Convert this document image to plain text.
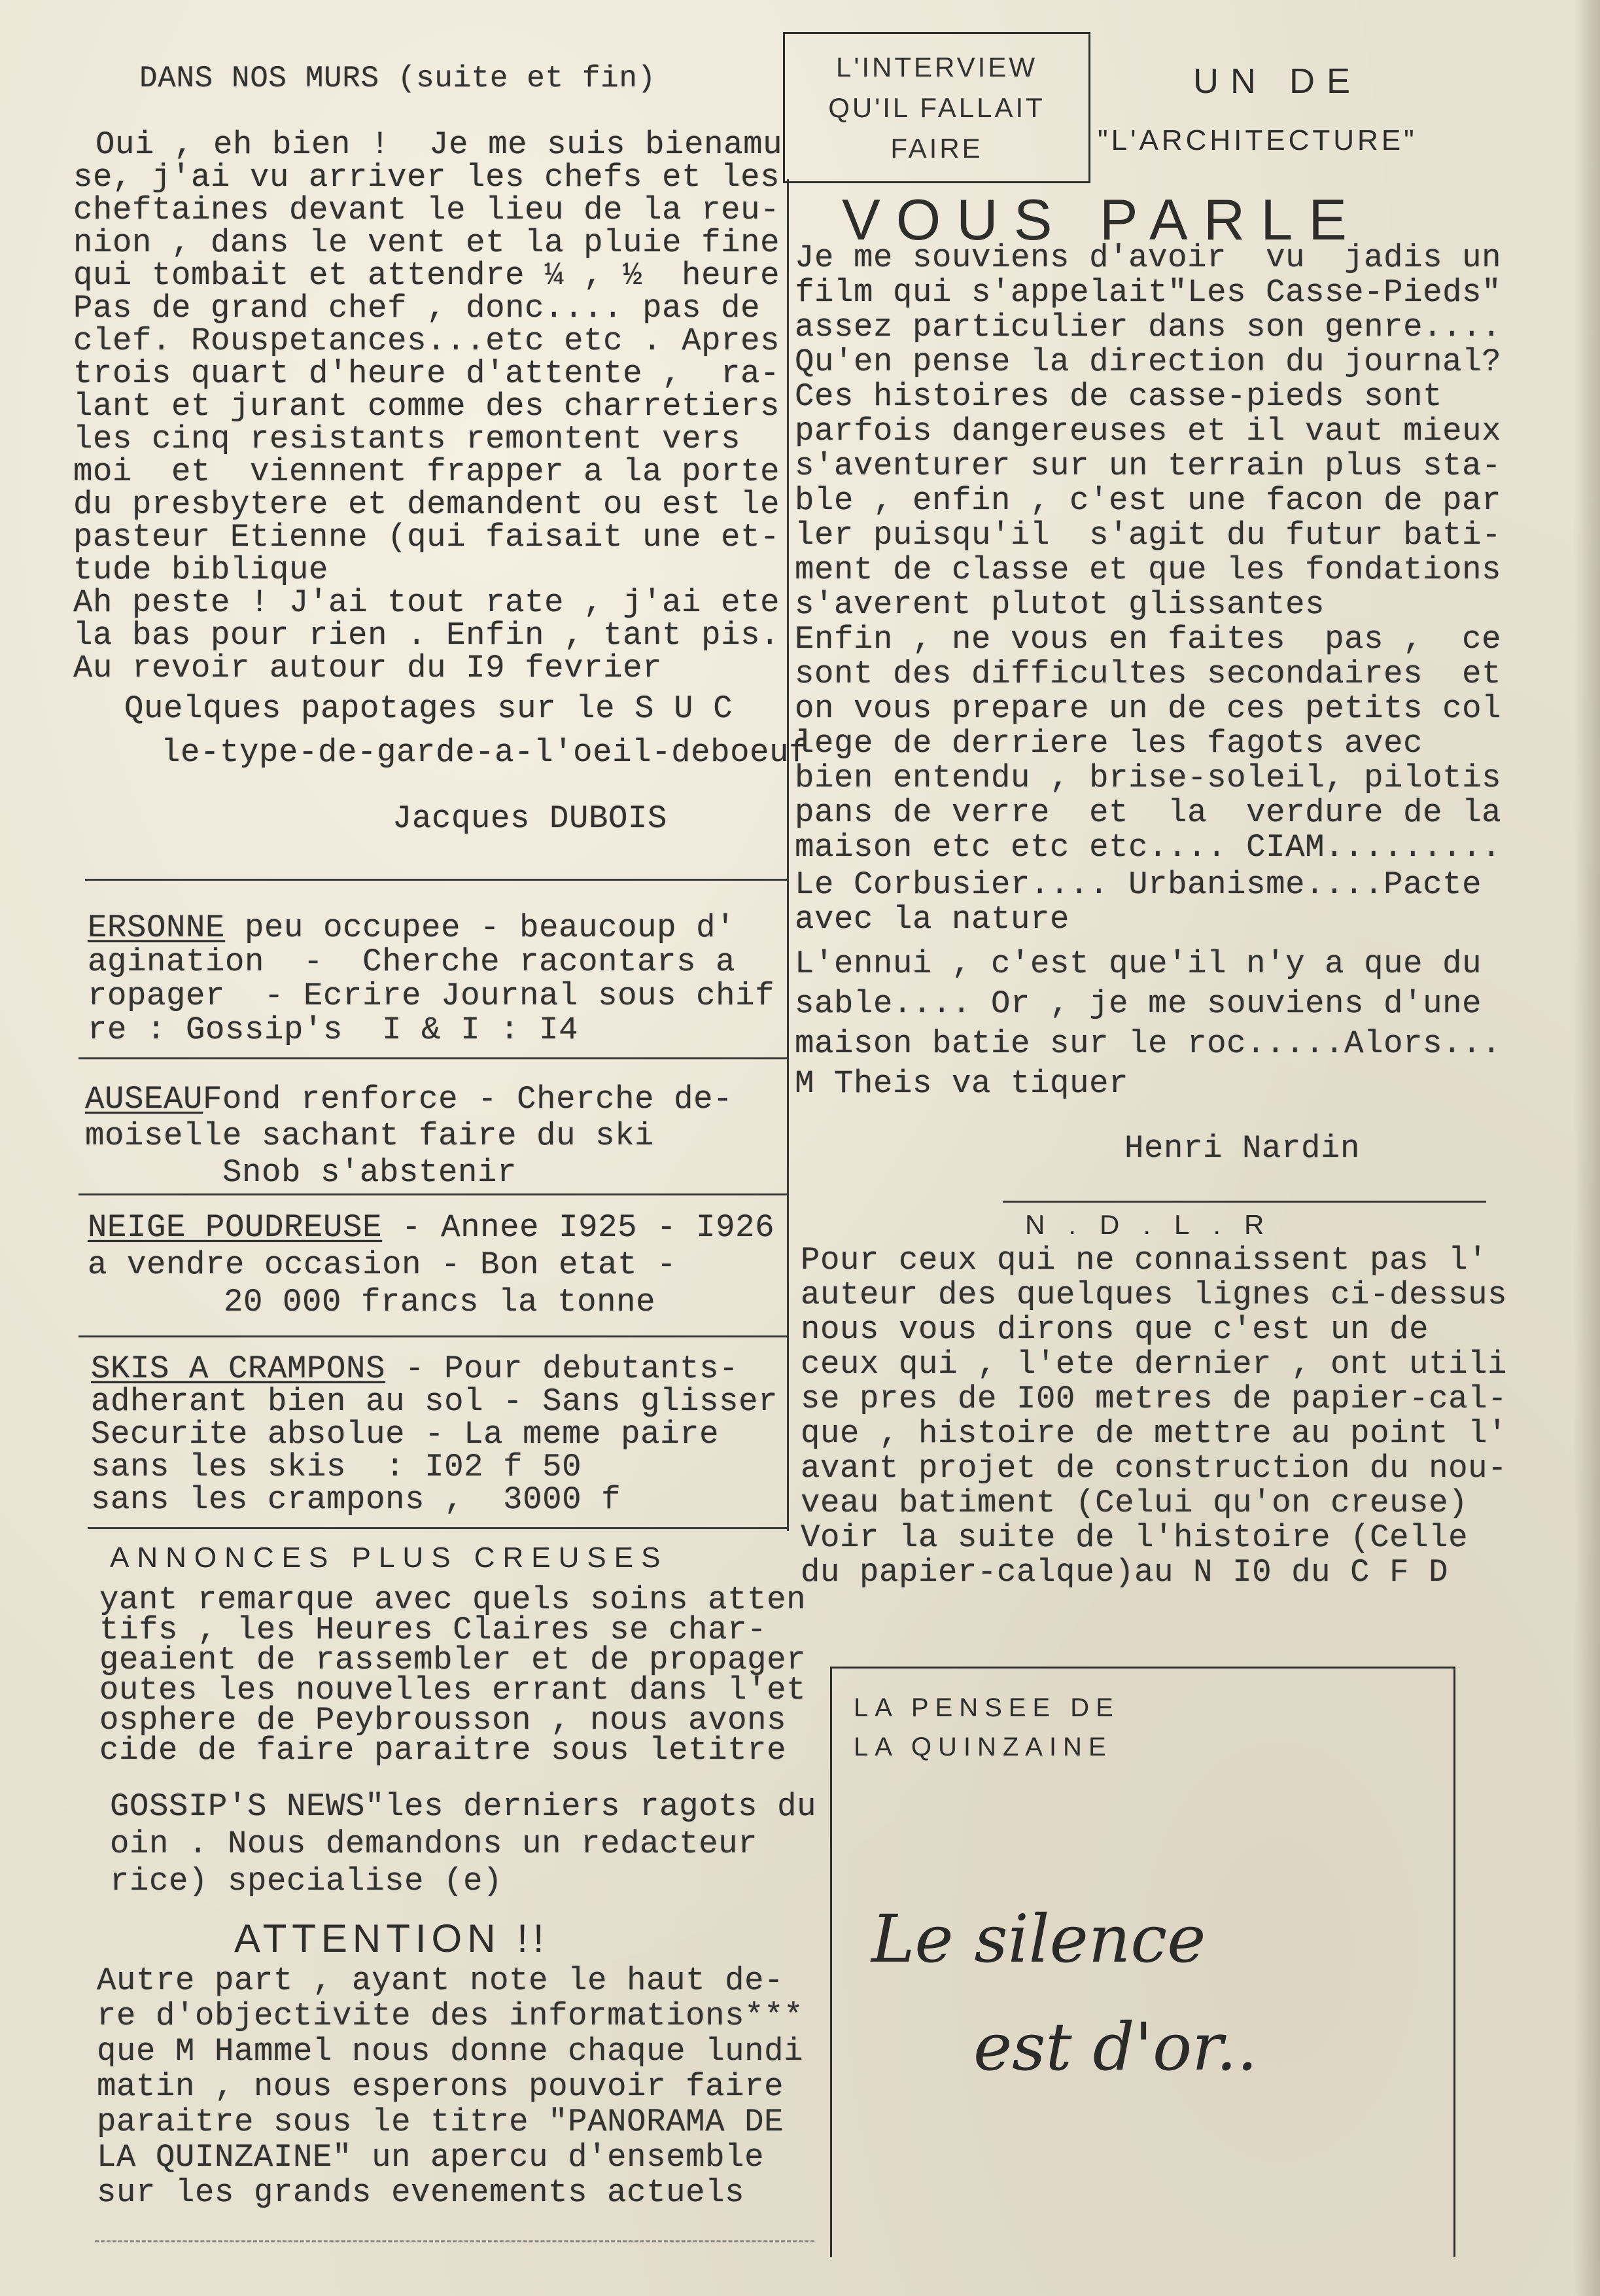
DANS NOS MURS (suite et fin)
Oui , eh bien !  Je me suis bienamu
se, j'ai vu arriver les chefs et les
cheftaines devant le lieu de la reu-
nion , dans le vent et la pluie fine
qui tombait et attendre ¼ , ½  heure
Pas de grand chef , donc.... pas de
clef. Rouspetances...etc etc . Apres
trois quart d'heure d'attente ,  ra-
lant et jurant comme des charretiers
les cinq resistants remontent vers
moi  et  viennent frapper a la porte
du presbytere et demandent ou est le
pasteur Etienne (qui faisait une et-
tude biblique
Ah peste ! J'ai tout rate , j'ai ete
la bas pour rien . Enfin , tant pis.
Au revoir autour du I9 fevrier
Quelques papotages sur le S U C
le-type-de-garde-a-l'oeil-deboeuf
Jacques DUBOIS
ERSONNE peu occupee - beaucoup d'
agination  -  Cherche racontars a
ropager  - Ecrire Journal sous chif
re : Gossip's  I & I : I4
AUSEAUFond renforce - Cherche de-
moiselle sachant faire du ski
Snob s'abstenir
NEIGE POUDREUSE - Annee I925 - I926
a vendre occasion - Bon etat -
20 000 francs la tonne
SKIS A CRAMPONS - Pour debutants-
adherant bien au sol - Sans glisser
Securite absolue - La meme paire
sans les skis  : I02 f 50
sans les crampons ,  3000 f
ANNONCES PLUS CREUSES
yant remarque avec quels soins atten
tifs , les Heures Claires se char-
geaient de rassembler et de propager
outes les nouvelles errant dans l'et
osphere de Peybrousson , nous avons
cide de faire paraitre sous letitre
GOSSIP'S NEWS"les derniers ragots du
oin . Nous demandons un redacteur
rice) specialise (e)
ATTENTION !!
Autre part , ayant note le haut de-
re d'objectivite des informations***
que M Hammel nous donne chaque lundi
matin , nous esperons pouvoir faire
paraitre sous le titre "PANORAMA DE
LA QUINZAINE" un apercu d'ensemble
sur les grands evenements actuels
L'INTERVIEW
QU'IL FALLAIT
FAIRE
UN DE
"L'ARCHITECTURE"
VOUS PARLE
Je me souviens d'avoir  vu  jadis un
film qui s'appelait"Les Casse-Pieds"
assez particulier dans son genre....
Qu'en pense la direction du journal?
Ces histoires de casse-pieds sont
parfois dangereuses et il vaut mieux
s'aventurer sur un terrain plus sta-
ble , enfin , c'est une facon de par
ler puisqu'il  s'agit du futur bati-
ment de classe et que les fondations
s'averent plutot glissantes
Enfin , ne vous en faites  pas ,  ce
sont des difficultes secondaires  et
on vous prepare un de ces petits col
lege de derriere les fagots avec
bien entendu , brise-soleil, pilotis
pans de verre  et  la  verdure de la
maison etc etc etc.... CIAM.........
Le Corbusier.... Urbanisme....Pacte
avec la nature
L'ennui , c'est que'il n'y a que du
sable.... Or , je me souviens d'une
maison batie sur le roc.....Alors...
M Theis va tiquer
Henri Nardin
N.D.L.R
Pour ceux qui ne connaissent pas l'
auteur des quelques lignes ci-dessus
nous vous dirons que c'est un de
ceux qui , l'ete dernier , ont utili
se pres de I00 metres de papier-cal-
que , histoire de mettre au point l'
avant projet de construction du nou-
veau batiment (Celui qu'on creuse)
Voir la suite de l'histoire (Celle
du papier-calque)au N I0 du C F D
LA PENSEE DE
LA QUINZAINE
Le silence
est d'or..
